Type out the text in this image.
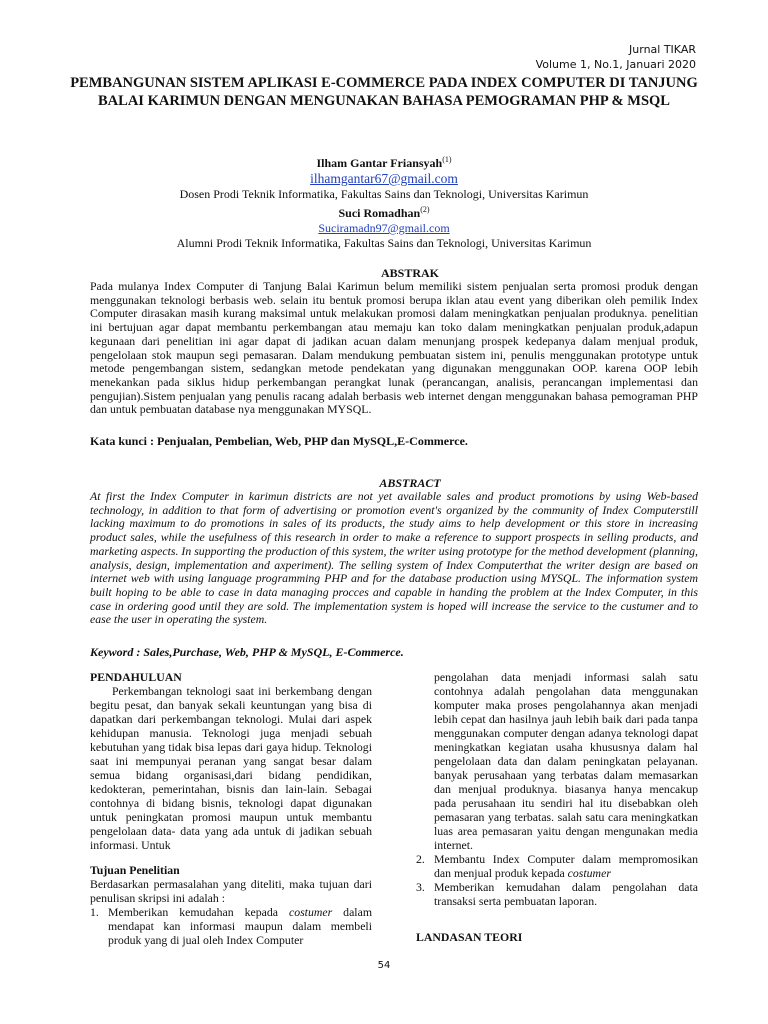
Jurnal TIKAR
Volume 1, No.1, Januari 2020
PEMBANGUNAN SISTEM APLIKASI E-COMMERCE PADA INDEX COMPUTER DI TANJUNG BALAI KARIMUN DENGAN MENGUNAKAN BAHASA PEMOGRAMAN PHP & MSQL
Ilham Gantar Friansyah$^{(1)}$
ilhamgantar67@gmail.com
Dosen Prodi Teknik Informatika, Fakultas Sains dan Teknologi, Universitas Karimun
Suci Romadhan$^{(2)}$
Suciramadn97@gmail.com
Alumni Prodi Teknik Informatika, Fakultas Sains dan Teknologi, Universitas Karimun
ABSTRAK

Pada mulanya Index Computer di Tanjung Balai Karimun belum memiliki sistem penjualan serta promosi produk dengan menggunakan teknologi berbasis web. selain itu bentuk promosi berupa iklan atau event yang diberikan oleh pemilik Index Computer dirasakan masih kurang maksimal untuk melakukan promosi dalam meningkatkan penjualan produknya. penelitian ini bertujuan agar dapat membantu perkembangan atau memaju kan toko dalam meningkatkan penjualan produk,adapun kegunaan dari penelitian ini agar dapat di jadikan acuan dalam menunjang prospek kedepanya dalam menjual produk, pengelolaan stok maupun segi pemasaran. Dalam mendukung pembuatan sistem ini, penulis menggunakan prototype untuk metode pengembangan sistem, sedangkan metode pendekatan yang digunakan menggunakan OOP. karena OOP lebih menekankan pada siklus hidup perkembangan perangkat lunak (perancangan, analisis, perancangan implementasi dan pengujian).Sistem penjualan yang penulis racang adalah berbasis web internet dengan menggunakan bahasa pemograman PHP dan untuk pembuatan database nya menggunakan MYSQL.

Kata kunci : Penjualan, Pembelian, Web, PHP dan MySQL,E-Commerce.

ABSTRACT

At first the Index Computer in karimun districts are not yet available sales and product promotions by using Web-based technology, in addition to that form of advertising or promotion event's organized by the community of Index Computerstill lacking maximum to do promotions in sales of its products, the study aims to help development or this store in increasing product sales, while the usefulness of this research in order to make a reference to support prospects in selling products, and marketing aspects. In supporting the production of this system, the writer using prototype for the method development (planning, analysis, design, implementation and axperiment). The selling system of Index Computerthat the writer design are based on internet web with using language programming PHP and for the database production using MYSQL. The information system built hoping to be able to case in data managing procces and capable in handing the problem at the Index Computer, in this case in ordering good until they are sold. The implementation system is hoped will increase the service to the custumer and to ease the user in operating the system.

Keyword : Sales,Purchase, Web, PHP & MySQL, E-Commerce.

PENDAHULUAN

Perkembangan teknologi saat ini berkembang dengan begitu pesat, dan banyak sekali keuntungan yang bisa di dapatkan dari perkembangan teknologi. Mulai dari aspek kehidupan manusia. Teknologi juga menjadi sebuah kebutuhan yang tidak bisa lepas dari gaya hidup. Teknologi saat ini mempunyai peranan yang sangat besar dalam semua bidang organisasi,dari bidang pendidikan, kedokteran, pemerintahan, bisnis dan lain-lain. Sebagai contohnya di bidang bisnis, teknologi dapat digunakan untuk peningkatan promosi maupun untuk membantu pengelolaan data- data yang ada untuk di jadikan sebuah informasi. Untuk

Tujuan Penelitian

Berdasarkan permasalahan yang diteliti, maka tujuan dari penulisan skripsi ini adalah :

1. Memberikan kemudahan kepada costumer dalam mendapat kan informasi maupun dalam membeli produk yang di jual oleh Index Computer

pengolahan data menjadi informasi salah satu contohnya adalah pengolahan data menggunakan komputer maka proses pengolahannya akan menjadi lebih cepat dan hasilnya jauh lebih baik dari pada tanpa menggunakan computer dengan adanya teknologi dapat meningkatkan kegiatan usaha khususnya dalam hal pengelolaan data dan dalam peningkatan pelayanan. banyak perusahaan yang terbatas dalam memasarkan dan menjual produknya. biasanya hanya mencakup pada perusahaan itu sendiri hal itu disebabkan oleh pemasaran yang terbatas. salah satu cara meningkatkan luas area pemasaran yaitu dengan mengunakan media internet.

2. Membantu Index Computer dalam mempromosikan dan menjual produk kepada costumer
3. Memberikan kemudahan dalam pengolahan data transaksi serta pembuatan laporan.

LANDASAN TEORI

54
